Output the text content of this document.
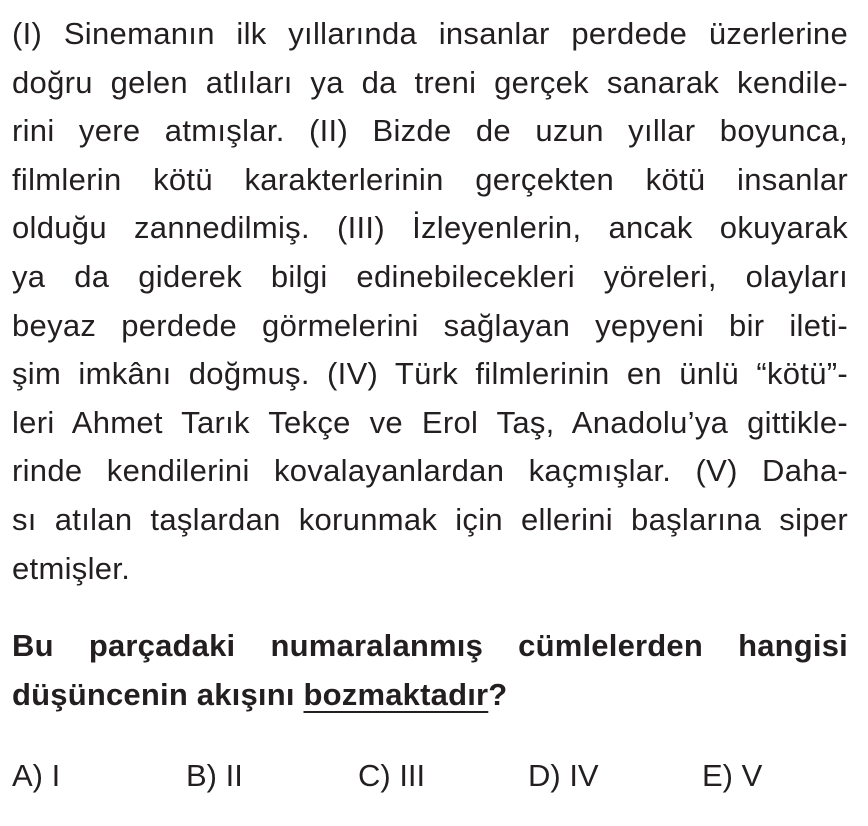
(I) Sinemanın ilk yıllarında insanlar perdede üzerlerine
doğru gelen atlıları ya da treni gerçek sanarak kendile-
rini yere atmışlar. (II) Bizde de uzun yıllar boyunca,
filmlerin kötü karakterlerinin gerçekten kötü insanlar
olduğu zannedilmiş. (III) İzleyenlerin, ancak okuyarak
ya da giderek bilgi edinebilecekleri yöreleri, olayları
beyaz perdede görmelerini sağlayan yepyeni bir ileti-
şim imkânı doğmuş. (IV) Türk filmlerinin en ünlü “kötü”-
leri Ahmet Tarık Tekçe ve Erol Taş, Anadolu’ya gittikle-
rinde kendilerini kovalayanlardan kaçmışlar. (V) Daha-
sı atılan taşlardan korunmak için ellerini başlarına siper
etmişler.

Bu parçadaki numaralanmış cümlelerden hangisi
düşüncenin akışını bozmaktadır?

A) I	B) II	C) III	D) IV	E) V
